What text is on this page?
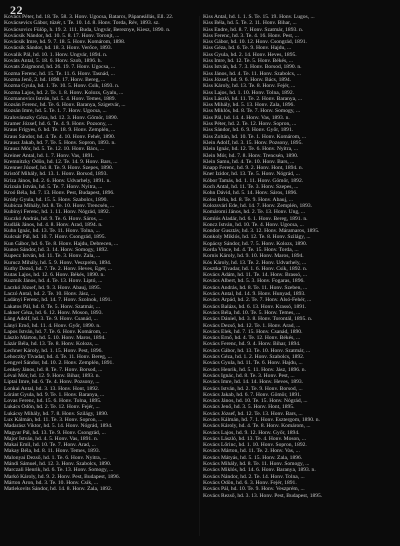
22
Kovács Péter, hd. 18. Te. 58. 3. Honv. Ugocsa, Batarcs, Pápaneállás, Ell. 22.
Kovácsevics Gábor, tüzér, t. Te. 10. 14. 8. Honv. Torda, Rév, 1893. sz.
Kovácsovics Fülöp, h. 19. 2. 111. Buda, Ungvár, Bereznye, Kiesz, 1890. n.
Kovácsik Nándor, hd. 10. 5. 8. 17. Honv. Toronjt, ...
Kovácsik Imre, hd. 9. 7. 18. 5. Honv. Komárom, 1898.
Kovácsik Sándor, hd. 18. 3. Honv. Verőce, 1893.
Kovalik Pál, hd. 10. 1. Honv. Ungvár, 1894. n.
Kováts Antal, 5. 18. 6. Honv. Szob, 1896. h.
Kovats Zsigmond, hd. 26. 19. 7. Honv. Ugocsa, ...
Kozma Ferenc, hd. 15. Te. 11. 6. Honv. Tasnád, ...
Kozma Jenő, 2. hd. 1898. 17. Honv. Bereg, ...
Kozma Gyula, hd. 1. Te. 10. 5. Honv. Csik, 1893. n.
Kozma Lajos, hd. 2. Te. 1. 8. Honv. Kolozs, Gyalu, ...
Kozmanovics István, hd. 5. 4. Honv. Temes, 1889.
Kozsán Ferenc, hd. Te. 6. Honv. Baranya, Szigetvár, ...
Kozsán Imre, hd. 5. Te. 1. 7. Honv. Ugocsa, ...
Kralovánszky Géza, hd. 12. 3. Honv. Gömör, 1890.
Kramer József, hd. 6. Te. 4. 9. Honv. Pozsony, ...
Kraus Frigyes, 6. hd. Te. 18. 9. Honv. Zemplén, ...
Kraus Sándor, hd. 4. Te. 4. 10. Honv. Fehér, 1890.
Krausz Jakab, hd. 7. Te. 5. Honv. Sopron, 1893. n.
Krausz Mór, hd. 5. Te. 12. 10. Honv. Bács, ...
Kreiner Antal, hd. 1. 7. Honv. Vas, 1891.
Kremnitzky Ödön, hd. 12. Te. 14. 9. Honv. Bars, ...
Krenner József, hd. 8. Te. 9. Honv. Szepes, 1890.
Kristóf Mihály, hd. 13. 1. Honv. Borsod, 1893.
Kriza János, hd. 2. 6. Honv. Udvarhely, 1891. n.
Krizsán István, hd. 5. Te. 7. Honv. Nyitra, ...
Kroó Béla, hd. 7. 13. Honv. Pest, Budapest, 1896.
Krúdy Gyula, hd. 15. 5. Honv. Szabolcs, 1890.
Kubicza Mihály, hd. 8. Te. 10. Honv. Trencsén, ...
Kubinyi Ferenc, hd. 1. 11. Honv. Nógrád, 1892.
Kuczkó András, hd. 9. Te. 6. Honv. Sáros, ...
Kudlák János, hd. 4. 8. Honv. Arad, 1894. n.
Kuhn Ignác, hd. 13. Te. 11. Honv. Tolna, ...
Kulcsár Pál, hd. 10. 7. Honv. Csongrád, 1895.
Kun Gábor, hd. 6. Te. 8. Honv. Hajdu, Debrecen, ...
Kunos Sándor, hd. 3. 14. Honv. Somogy, 1892.
Kupecz István, hd. 11. Te. 3. Honv. Zala, ...
Kurucz Mihály, hd. 5. 9. Honv. Veszprém, 1894.
Kuthy Dezső, hd. 7. Te. 2. Honv. Heves, Eger, ...
Kutas Lajos, hd. 12. 6. Honv. Békés, 1890. n.
Kuzmik János, hd. 4. Te. 13. Honv. Liptó, ...
Laczkó József, hd. 9. 3. Honv. Abauj, 1895.
Laczó Antal, hd. 2. Te. 10. Honv. Jász, ...
Ladányi Ferenc, hd. 14. 7. Honv. Szolnok, 1891.
Lakatos Pál, hd. 8. Te. 5. Honv. Szatmár, ...
Lakner Géza, hd. 6. 12. Honv. Moson, 1893.
Láng Adolf, hd. 3. Te. 9. Honv. Csanád, ...
Lányi Ernő, hd. 11. 4. Honv. Győr, 1890. n.
Lapos István, hd. 7. Te. 6. Honv. Komárom, ...
Lászlo Márton, hd. 5. 10. Honv. Maros, 1894.
Lázár Béla, hd. 13. Te. 8. Honv. Kolozs, ...
Lechner Károly, hd. 1. 15. Honv. Pest, 1896.
Lehoczky Tivadar, hd. 4. Te. 11. Honv. Bereg, ...
Lengyel Sándor, hd. 10. 2. Honv. Zemplén, 1891.
Lenkey János, hd. 8. Te. 7. Honv. Borsod, ...
Lévai Mór, hd. 12. 9. Honv. Bihar, 1893. n.
Liptai Imre, hd. 6. Te. 4. Honv. Pozsony, ...
Lonkai Antal, hd. 3. 13. Honv. Hont, 1892.
Lóránt Gyula, hd. 9. Te. 1. Honv. Baranya, ...
Lovas Ferenc, hd. 15. 6. Honv. Tolna, 1895.
Lukács Ödön, hd. 2. Te. 12. Honv. Fejér, ...
Lukácsy Mihály, hd. 7. 8. Honv. Szilágy, 1890.
Lux Kálmán, hd. 11. Te. 3. Honv. Sopron, ...
Madarász Viktor, hd. 5. 14. Honv. Nógrád, 1894.
Magyar Pál, hd. 13. Te. 9. Honv. Csongrád, ...
Major István, hd. 4. 5. Honv. Vas, 1891. n.
Makai Emil, hd. 10. Te. 7. Honv. Arad, ...
Makay Béla, hd. 8. 11. Honv. Temes, 1893.
Malonyai Dezső, hd. 1. Te. 6. Honv. Nyitra, ...
Mándi Sámuel, hd. 12. 3. Honv. Szabolcs, 1890.
Marczali Henrik, hd. 6. Te. 13. Honv. Somogy, ...
Markó Károly, hd. 9. 2. Honv. Pest, Budapest, 1896.
Márton Áron, hd. 3. Te. 10. Honv. Csik, ...
Matlekovits Sándor, hd. 14. 8. Honv. Zala, 1892.
Kiss Antal, hd. 1. 1. S. Te. 15. 19. Honv. Lugos, ...
Kiss Béla, hd. 5. Te. 2. 11. Honv. Bihar, ...
Kiss Endre, hd. 8. 7. Honv. Szatmár, 1893. n.
Kiss Ferenc, hd. 3. Te. 4. 16. Honv. Pest, ...
Kiss Gábor, hd. 10. 12. Honv. Csongrád, 1891.
Kiss Géza, hd. 6. Te. 9. Honv. Hajdu, ...
Kiss Gyula, hd. 2. 14. Honv. Heves, 1895.
Kiss Imre, hd. 12. Te. 5. Honv. Békés, ...
Kiss István, hd. 7. 3. Honv. Borsod, 1890. n.
Kiss János, hd. 4. Te. 11. Honv. Szabolcs, ...
Kiss József, hd. 9. 6. Honv. Bács, 1894.
Kiss Károly, hd. 13. Te. 8. Honv. Fejér, ...
Kiss Lajos, hd. 1. 10. Honv. Tolna, 1892.
Kiss László, hd. 11. Te. 2. Honv. Baranya, ...
Kiss Mihály, hd. 5. 13. Honv. Zala, 1896.
Kiss Miklós, hd. 8. Te. 7. Honv. Somogy, ...
Kiss Pál, hd. 14. 4. Honv. Vas, 1893. n.
Kiss Péter, hd. 2. Te. 12. Honv. Sopron, ...
Kiss Sándor, hd. 6. 9. Honv. Győr, 1891.
Kiss Zoltán, hd. 10. Te. 1. Honv. Komárom, ...
Klein Adolf, hd. 3. 15. Honv. Pozsony, 1895.
Klein Ignác, hd. 12. Te. 6. Honv. Nyitra, ...
Klein Mór, hd. 7. 8. Honv. Trencsén, 1890.
Klein Samu, hd. 4. Te. 10. Honv. Bars, ...
Knapp Ferenc, hd. 9. 2. Honv. Hont, 1894. n.
Kner Izidor, hd. 13. Te. 5. Honv. Nógrád, ...
Kóbor Tamás, hd. 1. 11. Honv. Gömör, 1892.
Koch Antal, hd. 11. Te. 3. Honv. Szepes, ...
Kohn Dávid, hd. 5. 14. Honv. Sáros, 1896.
Kolos Béla, hd. 8. Te. 9. Honv. Abauj, ...
Kolozsvári Ede, hd. 14. 7. Honv. Zemplén, 1893.
Komáromi János, hd. 2. Te. 13. Honv. Ung, ...
Komlós Aladár, hd. 6. 1. Honv. Bereg, 1891. n.
Koncz István, hd. 10. Te. 4. Honv. Ugocsa, ...
Kondor Gusztáv, hd. 3. 12. Honv. Máramaros, 1895.
Konkoly Miklós, hd. 12. Te. 8. Honv. Szilágy, ...
Kopácsy Sándor, hd. 7. 5. Honv. Kolozs, 1890.
Korda Vince, hd. 4. Te. 15. Honv. Torda, ...
Kornis Károly, hd. 9. 10. Honv. Maros, 1894.
Kós Károly, hd. 13. Te. 2. Honv. Udvarhely, ...
Kosztka Tivadar, hd. 1. 6. Honv. Csik, 1892. n.
Kovács Ádám, hd. 11. Te. 14. Honv. Brassó, ...
Kovács Albert, hd. 5. 3. Honv. Fogaras, 1896.
Kovács András, hd. 8. Te. 11. Honv. Szeben, ...
Kovács Antal, hd. 14. 9. Honv. Hunyad, 1893.
Kovács Árpád, hd. 2. Te. 7. Honv. Alsó-Fehér, ...
Kovács Balázs, hd. 6. 13. Honv. Krassó, 1891.
Kovács Béla, hd. 10. Te. 5. Honv. Temes, ...
Kovács Dániel, hd. 3. 8. Honv. Torontál, 1895. n.
Kovács Dezső, hd. 12. Te. 1. Honv. Arad, ...
Kovács Elek, hd. 7. 15. Honv. Csanád, 1890.
Kovács Ernő, hd. 4. Te. 12. Honv. Békés, ...
Kovács Ferenc, hd. 9. 4. Honv. Bihar, 1894.
Kovács Gábor, hd. 13. Te. 10. Honv. Szatmár, ...
Kovács Géza, hd. 1. 2. Honv. Szabolcs, 1892.
Kovács Gyula, hd. 11. Te. 6. Honv. Hajdu, ...
Kovács Henrik, hd. 5. 11. Honv. Jász, 1896. n.
Kovács Ignác, hd. 8. Te. 3. Honv. Pest, ...
Kovács Imre, hd. 14. 14. Honv. Heves, 1893.
Kovács István, hd. 2. Te. 9. Honv. Borsod, ...
Kovács Jakab, hd. 6. 7. Honv. Gömör, 1891.
Kovács János, hd. 10. Te. 15. Honv. Nógrád, ...
Kovács Jenő, hd. 3. 5. Honv. Hont, 1895.
Kovács József, hd. 12. Te. 13. Honv. Bars, ...
Kovács Kálmán, hd. 7. 1. Honv. Esztergom, 1890. n.
Kovács Károly, hd. 4. Te. 8. Honv. Komárom, ...
Kovács Lajos, hd. 9. 12. Honv. Győr, 1894.
Kovács László, hd. 13. Te. 4. Honv. Moson, ...
Kovács Lőrinc, hd. 1. 10. Honv. Sopron, 1892.
Kovács Márton, hd. 11. Te. 2. Honv. Vas, ...
Kovács Mátyás, hd. 5. 15. Honv. Zala, 1896.
Kovács Mihály, hd. 8. Te. 11. Honv. Somogy, ...
Kovács Miklós, hd. 14. 6. Honv. Baranya, 1893. n.
Kovács Nándor, hd. 2. Te. 14. Honv. Tolna, ...
Kovács Ödön, hd. 6. 3. Honv. Fejér, 1891.
Kovács Pál, hd. 10. Te. 9. Honv. Veszprém, ...
Kovács Rezső, hd. 3. 13. Honv. Pest, Budapest, 1895.
